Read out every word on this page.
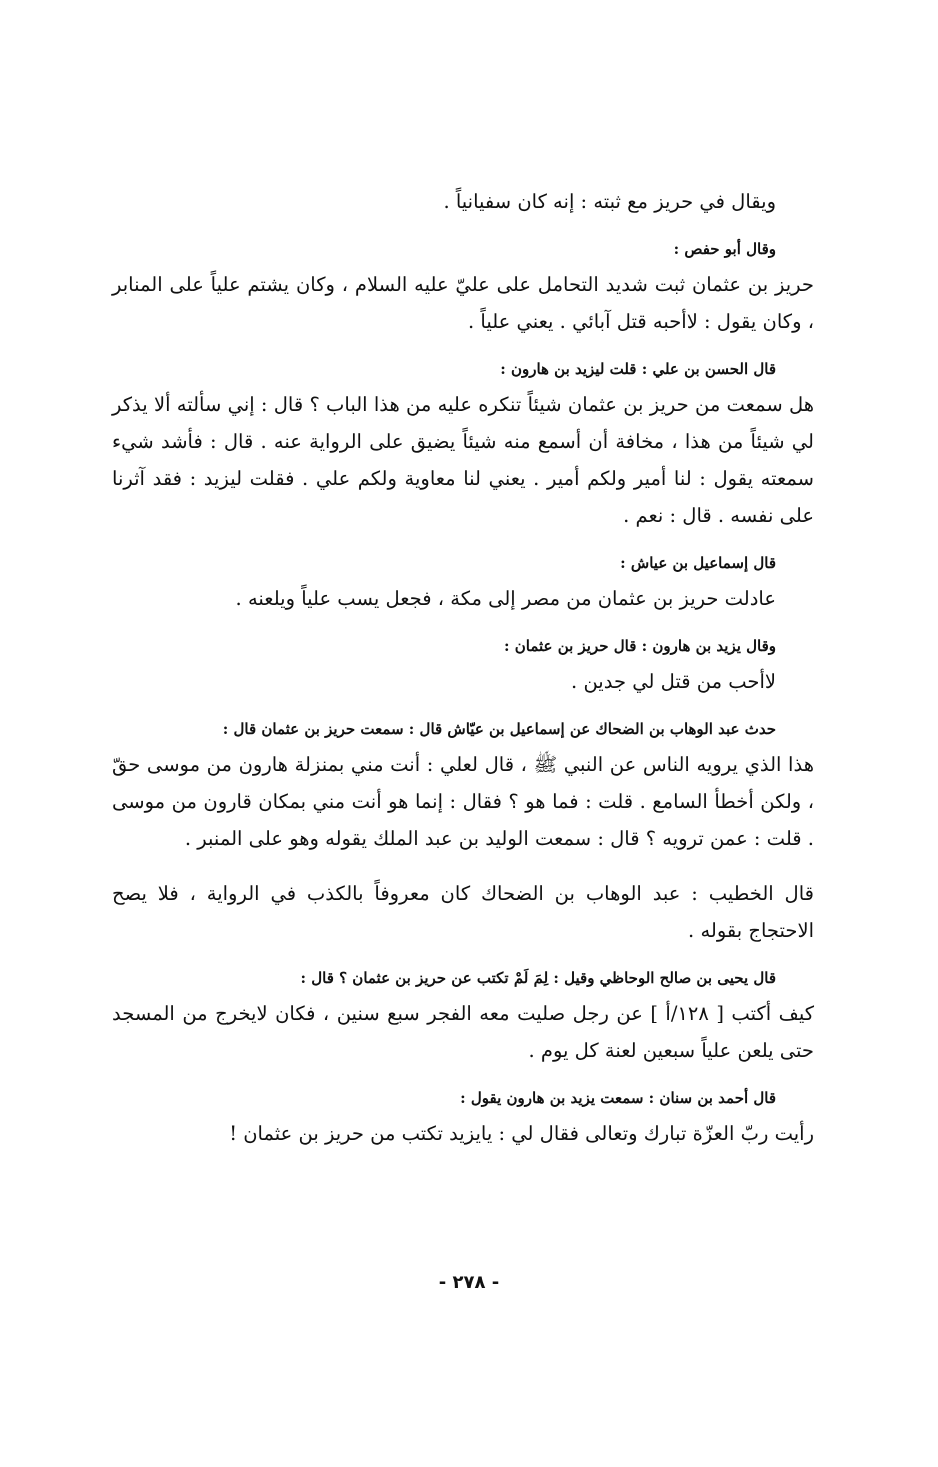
ويقال في حريز مع ثبته : إنه كان سفيانياً .

وقال أبو حفص :

حريز بن عثمان ثبت شديد التحامل على عليّ عليه السلام ، وكان يشتم علياً على المنابر ، وكان يقول : لاأحبه قتل آبائي . يعني علياً .

قال الحسن بن علي : قلت ليزيد بن هارون :

هل سمعت من حريز بن عثمان شيئاً تنكره عليه من هذا الباب ؟ قال : إني سألته ألا يذكر لي شيئاً من هذا ، مخافة أن أسمع منه شيئاً يضيق على الرواية عنه . قال : فأشد شيء سمعته يقول : لنا أمير ولكم أمير . يعني لنا معاوية ولكم علي . فقلت ليزيد : فقد آثرنا على نفسه . قال : نعم .

قال إسماعيل بن عياش :

عادلت حريز بن عثمان من مصر إلى مكة ، فجعل يسب علياً ويلعنه .

وقال يزيد بن هارون : قال حريز بن عثمان :

لاأحب من قتل لي جدين .

حدث عبد الوهاب بن الضحاك عن إسماعيل بن عيّاش قال : سمعت حريز بن عثمان قال :

هذا الذي يرويه الناس عن النبي ﷺ ، قال لعلي : أنت مني بمنزلة هارون من موسى حقّ ، ولكن أخطأ السامع . قلت : فما هو ؟ فقال : إنما هو أنت مني بمكان قارون من موسى . قلت : عمن ترويه ؟ قال : سمعت الوليد بن عبد الملك يقوله وهو على المنبر .

قال الخطيب : عبد الوهاب بن الضحاك كان معروفاً بالكذب في الرواية ، فلا يصح الاحتجاج بقوله .

قال يحيى بن صالح الوحاظي وقيل : لِمَ لَمْ تكتب عن حريز بن عثمان ؟ قال :

كيف أكتب [ ١٢٨/أ ] عن رجل صليت معه الفجر سبع سنين ، فكان لايخرج من المسجد حتى يلعن علياً سبعين لعنة كل يوم .

قال أحمد بن سنان : سمعت يزيد بن هارون يقول :

رأيت ربّ العزّة تبارك وتعالى فقال لي : يايزيد تكتب من حريز بن عثمان !

- ٢٧٨ -
